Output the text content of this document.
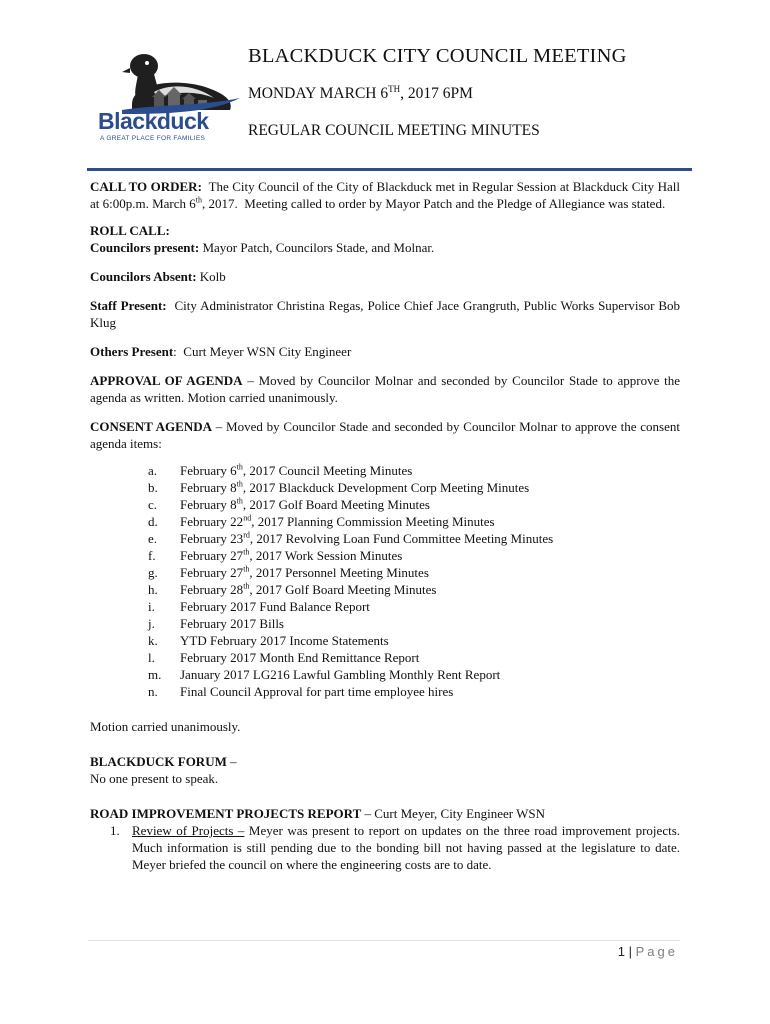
Blackduck
A GREAT PLACE FOR FAMILIES
BLACKDUCK CITY COUNCIL MEETING
MONDAY MARCH 6TH, 2017 6PM
REGULAR COUNCIL MEETING MINUTES

CALL TO ORDER:  The City Council of the City of Blackduck met in Regular Session at Blackduck City Hall at 6:00p.m. March 6th, 2017.  Meeting called to order by Mayor Patch and the Pledge of Allegiance was stated.

ROLL CALL:

Councilors present: Mayor Patch, Councilors Stade, and Molnar.

Councilors Absent: Kolb

Staff Present:  City Administrator Christina Regas, Police Chief Jace Grangruth, Public Works Supervisor Bob Klug

Others Present:  Curt Meyer WSN City Engineer

APPROVAL OF AGENDA – Moved by Councilor Molnar and seconded by Councilor Stade to approve the agenda as written. Motion carried unanimously.

CONSENT AGENDA – Moved by Councilor Stade and seconded by Councilor Molnar to approve the consent agenda items:

a.	February 6th, 2017 Council Meeting Minutes
b.	February 8th, 2017 Blackduck Development Corp Meeting Minutes
c.	February 8th, 2017 Golf Board Meeting Minutes
d.	February 22nd, 2017 Planning Commission Meeting Minutes
e.	February 23rd, 2017 Revolving Loan Fund Committee Meeting Minutes
f.	February 27th, 2017 Work Session Minutes
g.	February 27th, 2017 Personnel Meeting Minutes
h.	February 28th, 2017 Golf Board Meeting Minutes
i.	February 2017 Fund Balance Report
j.	February 2017 Bills
k.	YTD February 2017 Income Statements
l.	February 2017 Month End Remittance Report
m.	January 2017 LG216 Lawful Gambling Monthly Rent Report
n.	Final Council Approval for part time employee hires

Motion carried unanimously.

BLACKDUCK FORUM –

No one present to speak.

ROAD IMPROVEMENT PROJECTS REPORT – Curt Meyer, City Engineer WSN

1. Review of Projects – Meyer was present to report on updates on the three road improvement projects. Much information is still pending due to the bonding bill not having passed at the legislature to date. Meyer briefed the council on where the engineering costs are to date.
1 | Page
